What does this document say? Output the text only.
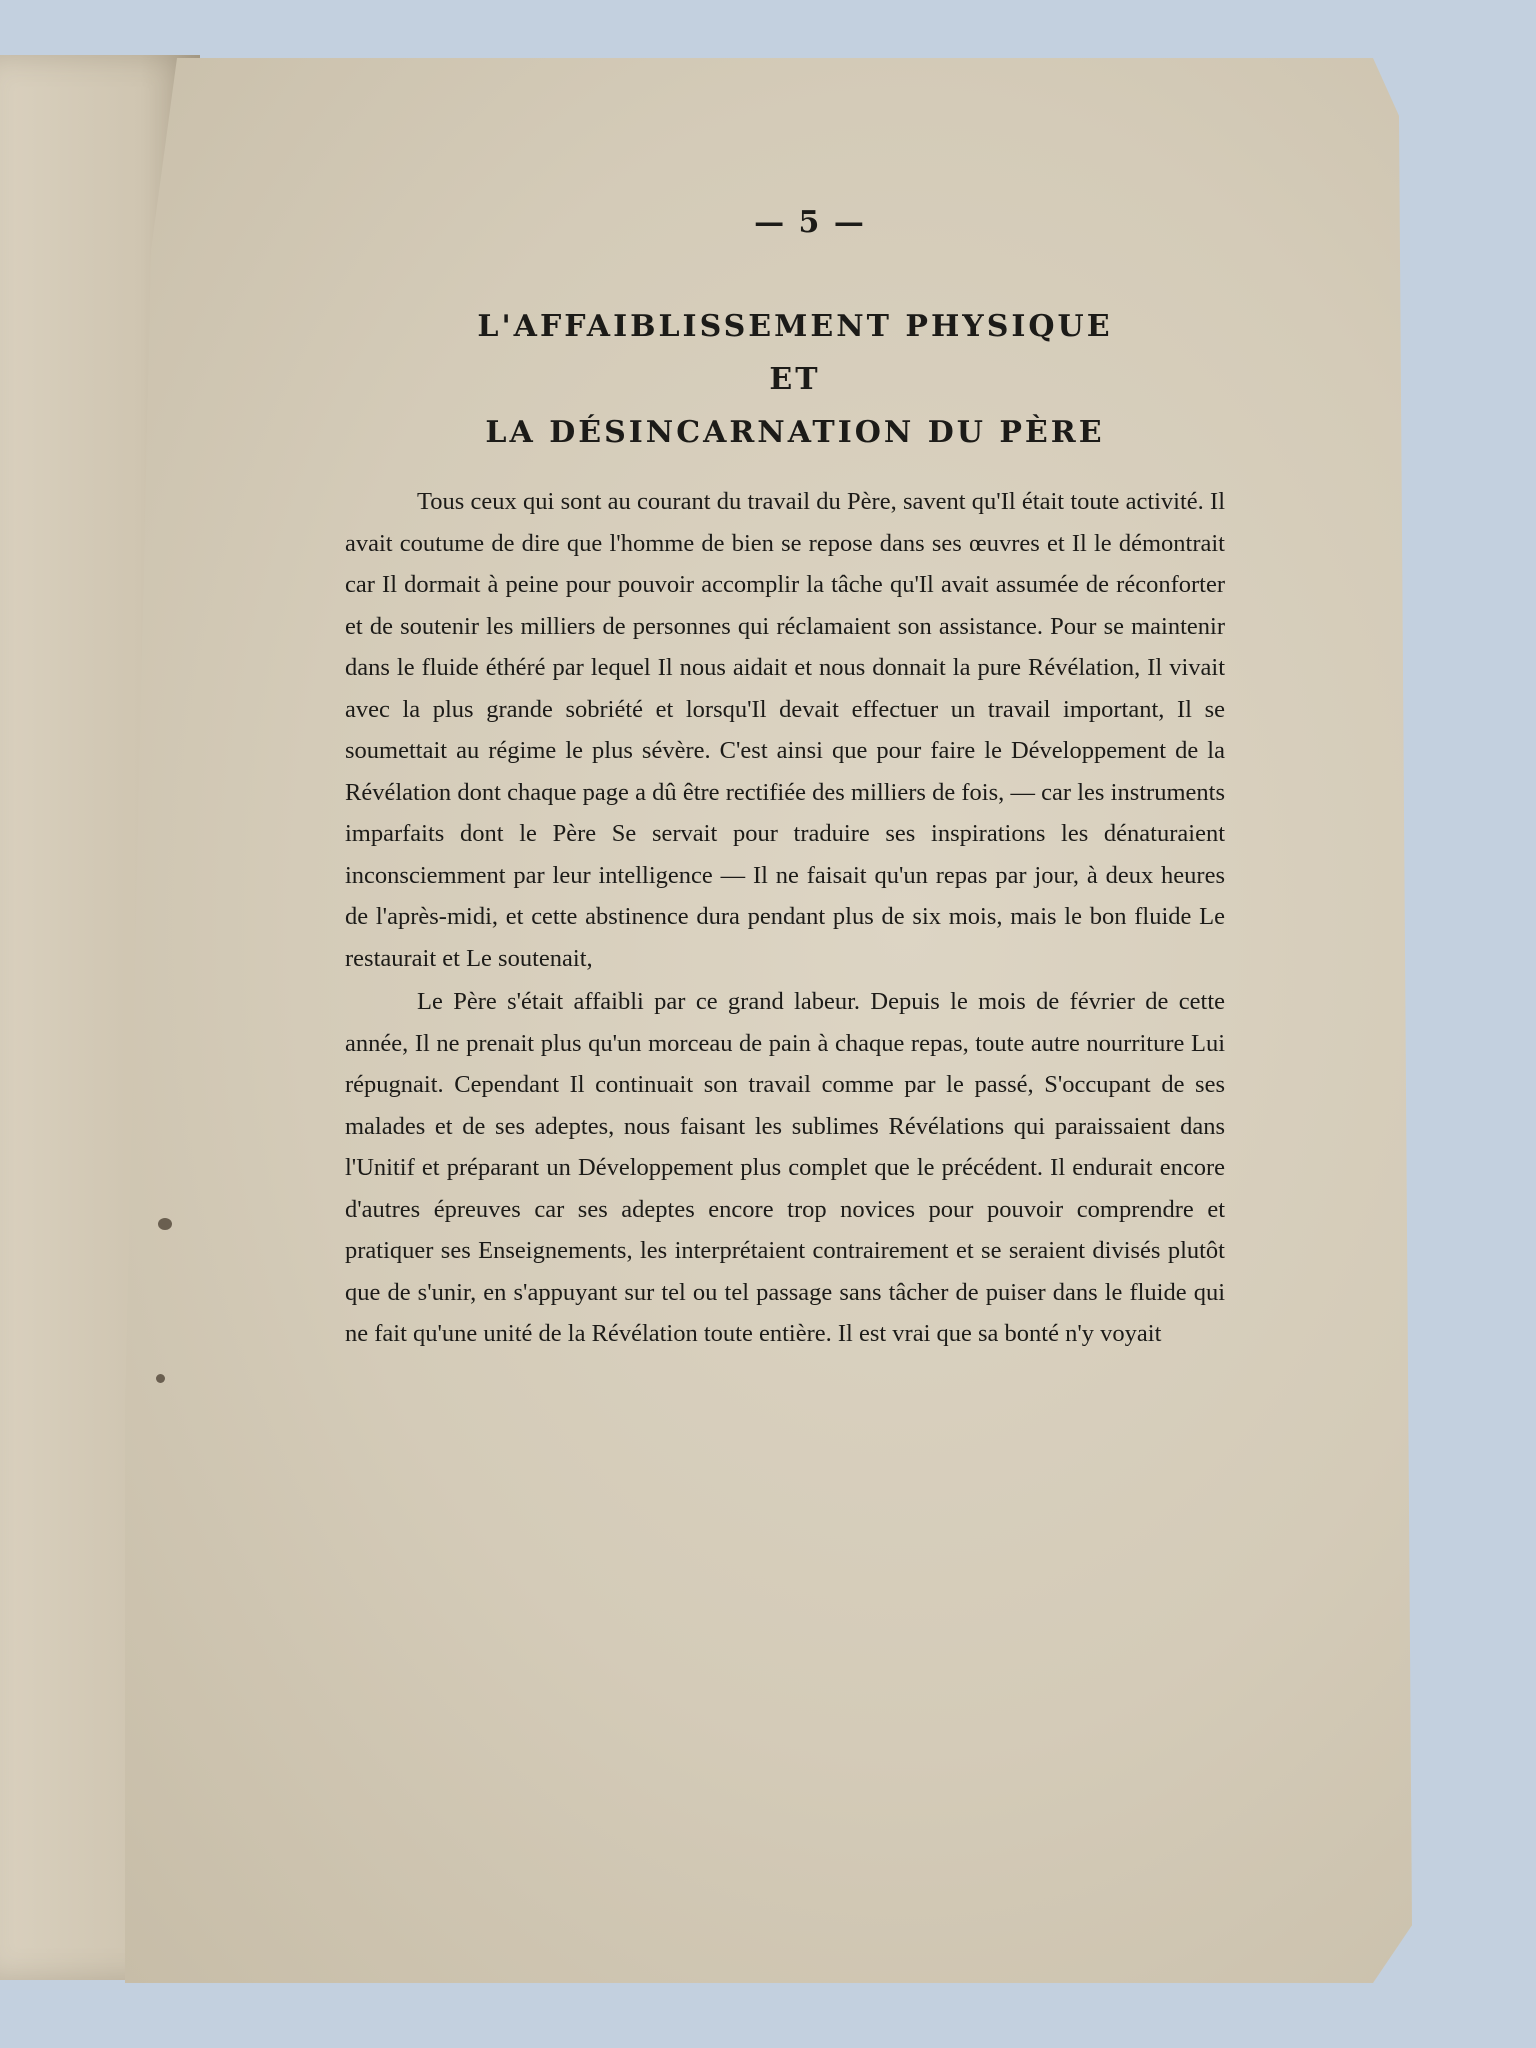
— 5 —
L'AFFAIBLISSEMENT PHYSIQUE
ET
LA DÉSINCARNATION DU PÈRE

Tous ceux qui sont au courant du travail du Père, savent qu'Il était toute activité. Il avait coutume de dire que l'homme de bien se repose dans ses œuvres et Il le démontrait car Il dormait à peine pour pouvoir accomplir la tâche qu'Il avait assumée de réconforter et de soutenir les milliers de personnes qui réclamaient son assistance. Pour se maintenir dans le fluide éthéré par lequel Il nous aidait et nous donnait la pure Révélation, Il vivait avec la plus grande sobriété et lorsqu'Il devait effectuer un travail important, Il se soumettait au régime le plus sévère. C'est ainsi que pour faire le Développement de la Révélation dont chaque page a dû être rectifiée des milliers de fois, — car les instruments imparfaits dont le Père Se servait pour traduire ses inspirations les dénaturaient inconsciemment par leur intelligence — Il ne faisait qu'un repas par jour, à deux heures de l'après-midi, et cette abstinence dura pendant plus de six mois, mais le bon fluide Le restaurait et Le soutenait,

Le Père s'était affaibli par ce grand labeur. Depuis le mois de février de cette année, Il ne prenait plus qu'un morceau de pain à chaque repas, toute autre nourriture Lui répugnait. Cependant Il continuait son travail comme par le passé, S'occupant de ses malades et de ses adeptes, nous faisant les sublimes Révélations qui paraissaient dans l'Unitif et préparant un Développement plus complet que le précédent. Il endurait encore d'autres épreuves car ses adeptes encore trop novices pour pouvoir comprendre et pratiquer ses Enseignements, les interprétaient contrairement et se seraient divisés plutôt que de s'unir, en s'appuyant sur tel ou tel passage sans tâcher de puiser dans le fluide qui ne fait qu'une unité de la Révélation toute entière. Il est vrai que sa bonté n'y voyait
